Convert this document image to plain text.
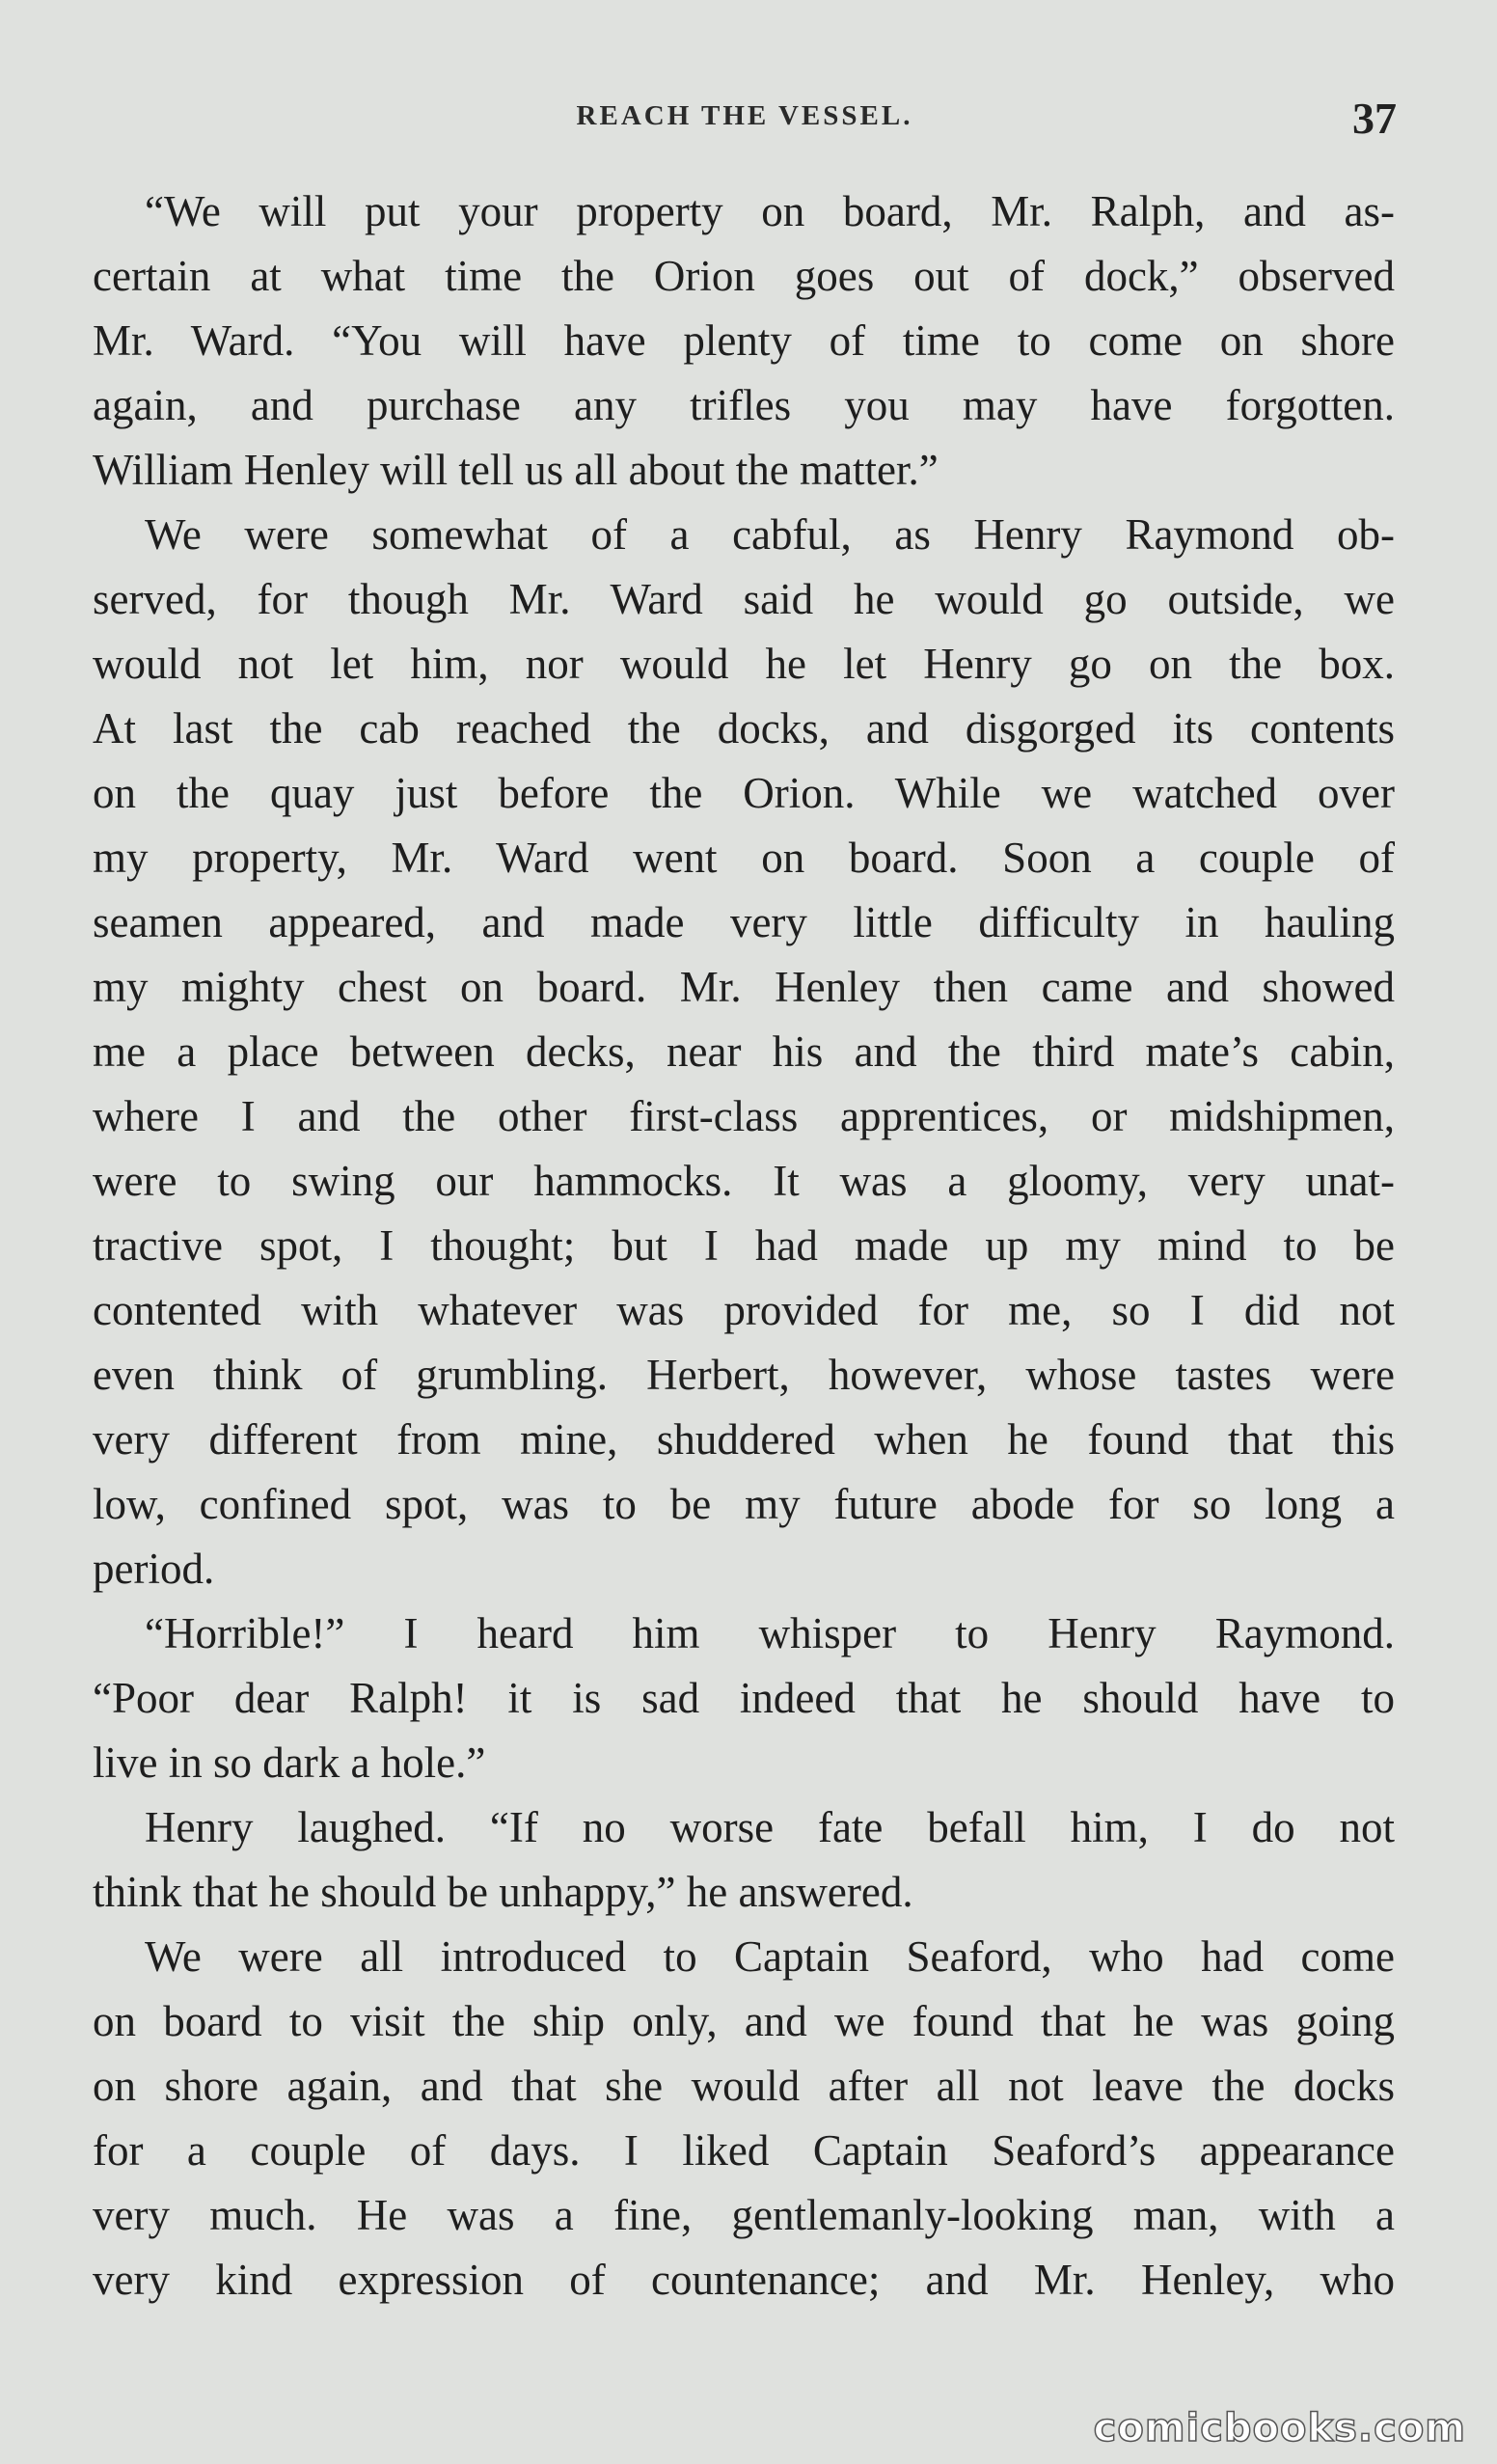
REACH THE VESSEL.	37
“We will put your property on board, Mr. Ralph, and as-
certain at what time the Orion goes out of dock,” observed
Mr. Ward. “You will have plenty of time to come on shore
again, and purchase any trifles you may have forgotten.
William Henley will tell us all about the matter.”
We were somewhat of a cabful, as Henry Raymond ob-
served, for though Mr. Ward said he would go outside, we
would not let him, nor would he let Henry go on the box.
At last the cab reached the docks, and disgorged its contents
on the quay just before the Orion. While we watched over
my property, Mr. Ward went on board. Soon a couple of
seamen appeared, and made very little difficulty in hauling
my mighty chest on board. Mr. Henley then came and showed
me a place between decks, near his and the third mate’s cabin,
where I and the other first-class apprentices, or midshipmen,
were to swing our hammocks. It was a gloomy, very unat-
tractive spot, I thought; but I had made up my mind to be
contented with whatever was provided for me, so I did not
even think of grumbling. Herbert, however, whose tastes were
very different from mine, shuddered when he found that this
low, confined spot, was to be my future abode for so long a
period.
“Horrible!” I heard him whisper to Henry Raymond.
“Poor dear Ralph! it is sad indeed that he should have to
live in so dark a hole.”
Henry laughed. “If no worse fate befall him, I do not
think that he should be unhappy,” he answered.
We were all introduced to Captain Seaford, who had come
on board to visit the ship only, and we found that he was going
on shore again, and that she would after all not leave the docks
for a couple of days. I liked Captain Seaford’s appearance
very much. He was a fine, gentlemanly-looking man, with a
very kind expression of countenance; and Mr. Henley, who
comicbooks.com
